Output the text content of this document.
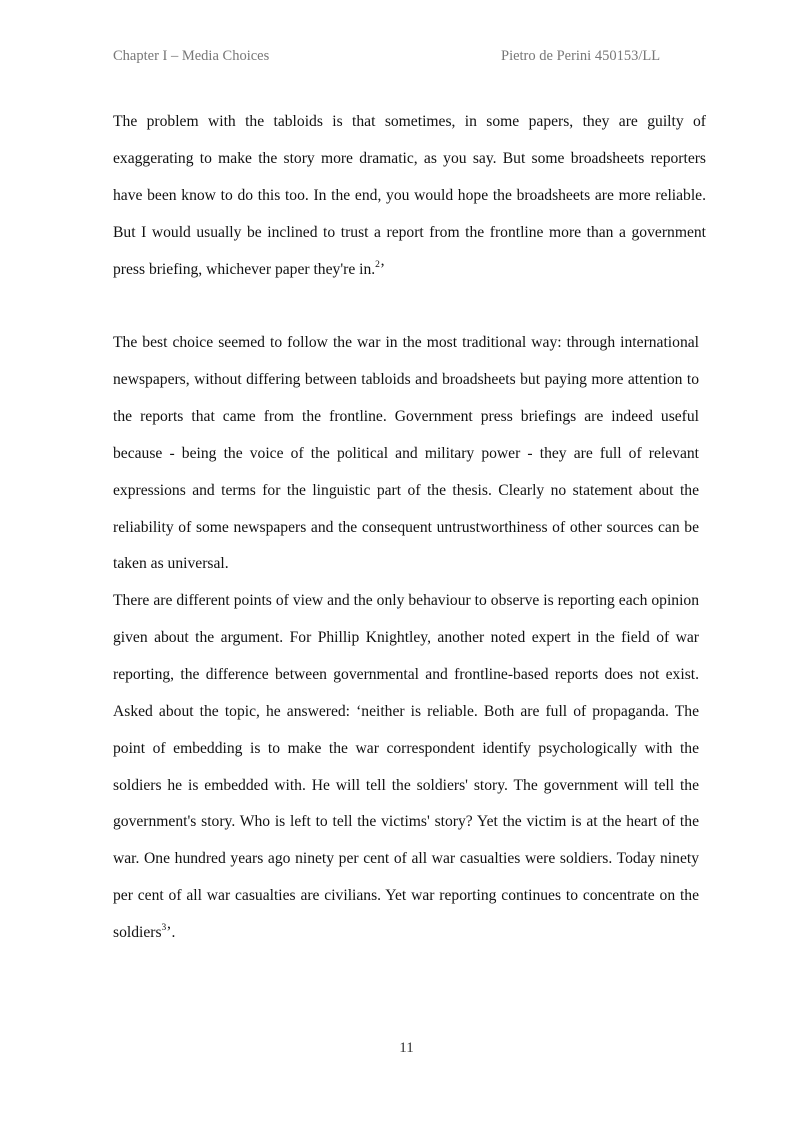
Chapter I – Media Choices	Pietro de Perini 450153/LL

The problem with the tabloids is that sometimes, in some papers, they are guilty of exaggerating to make the story more dramatic, as you say. But some broadsheets reporters have been know to do this too. In the end, you would hope the broadsheets are more reliable. But I would usually be inclined to trust a report from the frontline more than a government press briefing, whichever paper they're in.$^2$’

The best choice seemed to follow the war in the most traditional way: through international newspapers, without differing between tabloids and broadsheets but paying more attention to the reports that came from the frontline. Government press briefings are indeed useful because - being the voice of the political and military power - they are full of relevant expressions and terms for the linguistic part of the thesis. Clearly no statement about the reliability of some newspapers and the consequent untrustworthiness of other sources can be taken as universal.

There are different points of view and the only behaviour to observe is reporting each opinion given about the argument. For Phillip Knightley, another noted expert in the field of war reporting, the difference between governmental and frontline-based reports does not exist. Asked about the topic, he answered: ‘neither is reliable. Both are full of propaganda. The point of embedding is to make the war correspondent identify psychologically with the soldiers he is embedded with. He will tell the soldiers' story. The government will tell the government's story. Who is left to tell the victims' story? Yet the victim is at the heart of the war. One hundred years ago ninety per cent of all war casualties were soldiers. Today ninety per cent of all war casualties are civilians. Yet war reporting continues to concentrate on the soldiers$^3$’.

11
